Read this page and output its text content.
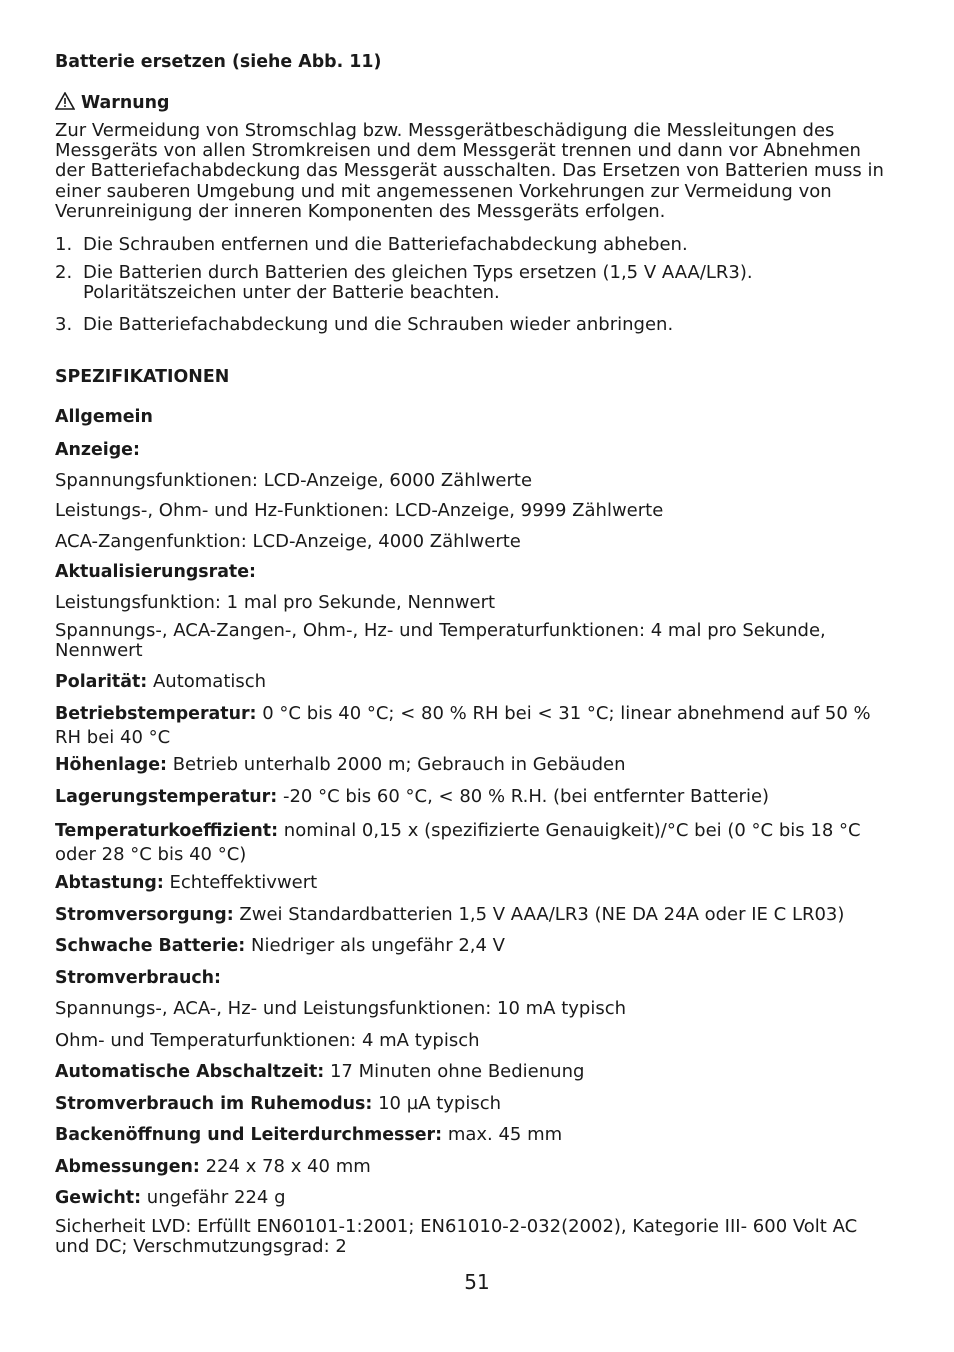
Batterie ersetzen (siehe Abb. 11)
Warnung
Zur Vermeidung von Stromschlag bzw. Messgerätbeschädigung die Messleitungen des Messgeräts von allen Stromkreisen und dem Messgerät trennen und dann vor Abnehmen der Batteriefachabdeckung das Messgerät ausschalten. Das Ersetzen von Batterien muss in einer sauberen Umgebung und mit angemessenen Vorkehrungen zur Vermeidung von Verunreinigung der inneren Komponenten des Messgeräts erfolgen.
1. Die Schrauben entfernen und die Batteriefachabdeckung abheben.
2. Die Batterien durch Batterien des gleichen Typs ersetzen (1,5 V AAA/LR3). Polaritätszeichen unter der Batterie beachten.
3. Die Batteriefachabdeckung und die Schrauben wieder anbringen.
SPEZIFIKATIONEN
Allgemein
Anzeige:
Spannungsfunktionen: LCD-Anzeige, 6000 Zählwerte
Leistungs-, Ohm- und Hz-Funktionen: LCD-Anzeige, 9999 Zählwerte
ACA-Zangenfunktion: LCD-Anzeige, 4000 Zählwerte
Aktualisierungsrate:
Leistungsfunktion: 1 mal pro Sekunde, Nennwert
Spannungs-, ACA-Zangen-, Ohm-, Hz- und Temperaturfunktionen: 4 mal pro Sekunde, Nennwert
Polarität: Automatisch
Betriebstemperatur: 0 °C bis 40 °C; < 80 % RH bei < 31 °C; linear abnehmend auf 50 % RH bei 40 °C
Höhenlage: Betrieb unterhalb 2000 m; Gebrauch in Gebäuden
Lagerungstemperatur: -20 °C bis 60 °C, < 80 % R.H. (bei entfernter Batterie)
Temperaturkoeffizient: nominal 0,15 x (spezifizierte Genauigkeit)/°C bei (0 °C bis 18 °C oder 28 °C bis 40 °C)
Abtastung: Echteffektivwert
Stromversorgung: Zwei Standardbatterien 1,5 V AAA/LR3 (NE DA 24A oder IE C LR03)
Schwache Batterie: Niedriger als ungefähr 2,4 V
Stromverbrauch:
Spannungs-, ACA-, Hz- und Leistungsfunktionen: 10 mA typisch
Ohm- und Temperaturfunktionen: 4 mA typisch
Automatische Abschaltzeit: 17 Minuten ohne Bedienung
Stromverbrauch im Ruhemodus: 10 µA typisch
Backenöffnung und Leiterdurchmesser: max. 45 mm
Abmessungen: 224 x 78 x 40 mm
Gewicht: ungefähr 224 g
Sicherheit LVD: Erfüllt EN60101-1:2001; EN61010-2-032(2002), Kategorie III- 600 Volt AC und DC; Verschmutzungsgrad: 2
51
